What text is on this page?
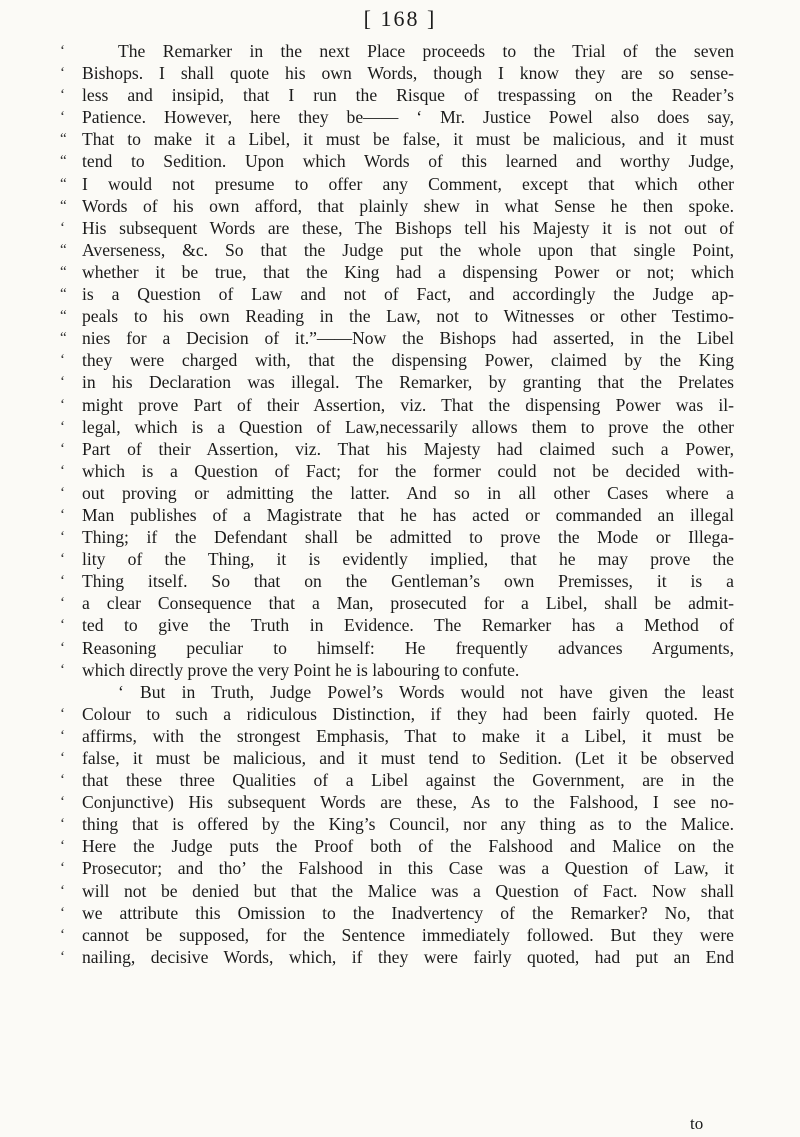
[ 168 ]
‘	The Remarker in the next Place proceeds to the Trial of the seven
‘ Bishops. I shall quote his own Words, though I know they are so sense-
‘ less and insipid, that I run the Risque of trespassing on the Reader’s
‘ Patience. However, here they be—— ‘ Mr. Justice Powel also does say,
“ That to make it a Libel, it must be false, it must be malicious, and it must
“ tend to Sedition. Upon which Words of this learned and worthy Judge,
“ I would not presume to offer any Comment, except that which other
“ Words of his own afford, that plainly shew in what Sense he then spoke.
‘ His subsequent Words are these, The Bishops tell his Majesty it is not out of
“ Averseness, &c. So that the Judge put the whole upon that single Point,
“ whether it be true, that the King had a dispensing Power or not; which
“ is a Question of Law and not of Fact, and accordingly the Judge ap-
“ peals to his own Reading in the Law, not to Witnesses or other Testimo-
“ nies for a Decision of it.”——Now the Bishops had asserted, in the Libel
‘ they were charged with, that the dispensing Power, claimed by the King
‘ in his Declaration was illegal. The Remarker, by granting that the Prelates
‘ might prove Part of their Assertion, viz. That the dispensing Power was il-
‘ legal, which is a Question of Law,necessarily allows them to prove the other
‘ Part of their Assertion, viz. That his Majesty had claimed such a Power,
‘ which is a Question of Fact; for the former could not be decided with-
‘ out proving or admitting the latter. And so in all other Cases where a
‘ Man publishes of a Magistrate that he has acted or commanded an illegal
‘ Thing; if the Defendant shall be admitted to prove the Mode or Illega-
‘ lity of the Thing, it is evidently implied, that he may prove the
‘ Thing itself. So that on the Gentleman’s own Premisses, it is a
‘ a clear Consequence that a Man, prosecuted for a Libel, shall be admit-
‘ ted to give the Truth in Evidence. The Remarker has a Method of
‘ Reasoning peculiar to himself: He frequently advances Arguments,
‘ which directly prove the very Point he is labouring to confute.
‘ But in Truth, Judge Powel’s Words would not have given the least
‘ Colour to such a ridiculous Distinction, if they had been fairly quoted. He
‘ affirms, with the strongest Emphasis, That to make it a Libel, it must be
‘ false, it must be malicious, and it must tend to Sedition. (Let it be observed
‘ that these three Qualities of a Libel against the Government, are in the
‘ Conjunctive) His subsequent Words are these, As to the Falshood, I see no-
‘ thing that is offered by the King’s Council, nor any thing as to the Malice.
‘ Here the Judge puts the Proof both of the Falshood and Malice on the
‘ Prosecutor; and tho’ the Falshood in this Case was a Question of Law, it
‘ will not be denied but that the Malice was a Question of Fact. Now shall
‘ we attribute this Omission to the Inadvertency of the Remarker? No, that
‘ cannot be supposed, for the Sentence immediately followed. But they were
‘ nailing, decisive Words, which, if they were fairly quoted, had put an End
to
